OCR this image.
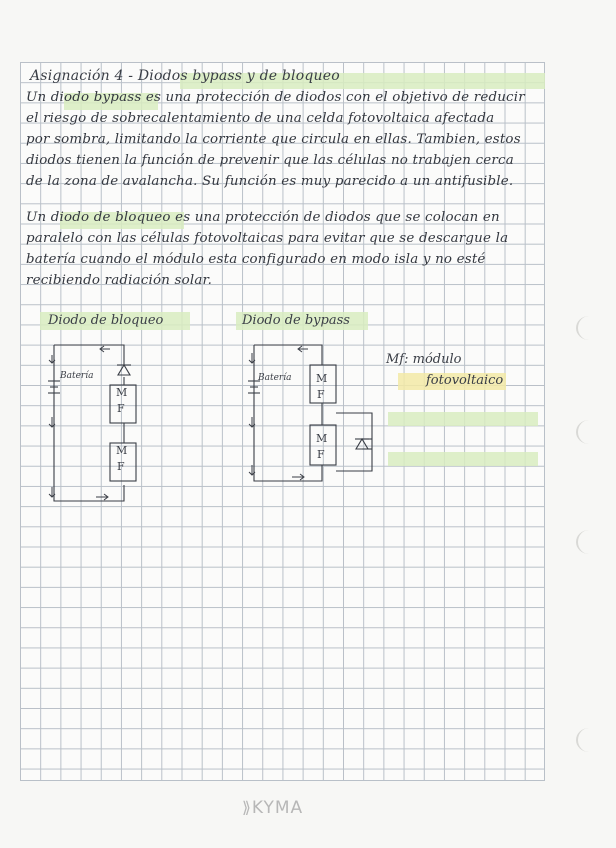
Asignación 4 - Diodos bypass y de bloqueo
Un diodo bypass es una protección de diodos con el objetivo de reducir
el riesgo de sobrecalentamiento de una celda fotovoltaica afectada
por sombra, limitando la corriente que circula en ellas. Tambien, estos
diodos tienen la función de prevenir que las células no trabajen cerca
de la zona de avalancha. Su función es muy parecido a un antifusible.
Un diodo de bloqueo es una protección de diodos que se colocan en
paralelo con las células fotovoltaicas para evitar que se descargue la
batería cuando el módulo esta configurado en modo isla y no esté
recibiendo radiación solar.
Diodo de bloqueo	Diodo de bypass
Mf: módulo
fotovoltaico
Batería
M
F
M
F
Batería M
F
M
F
⟫KYMA
